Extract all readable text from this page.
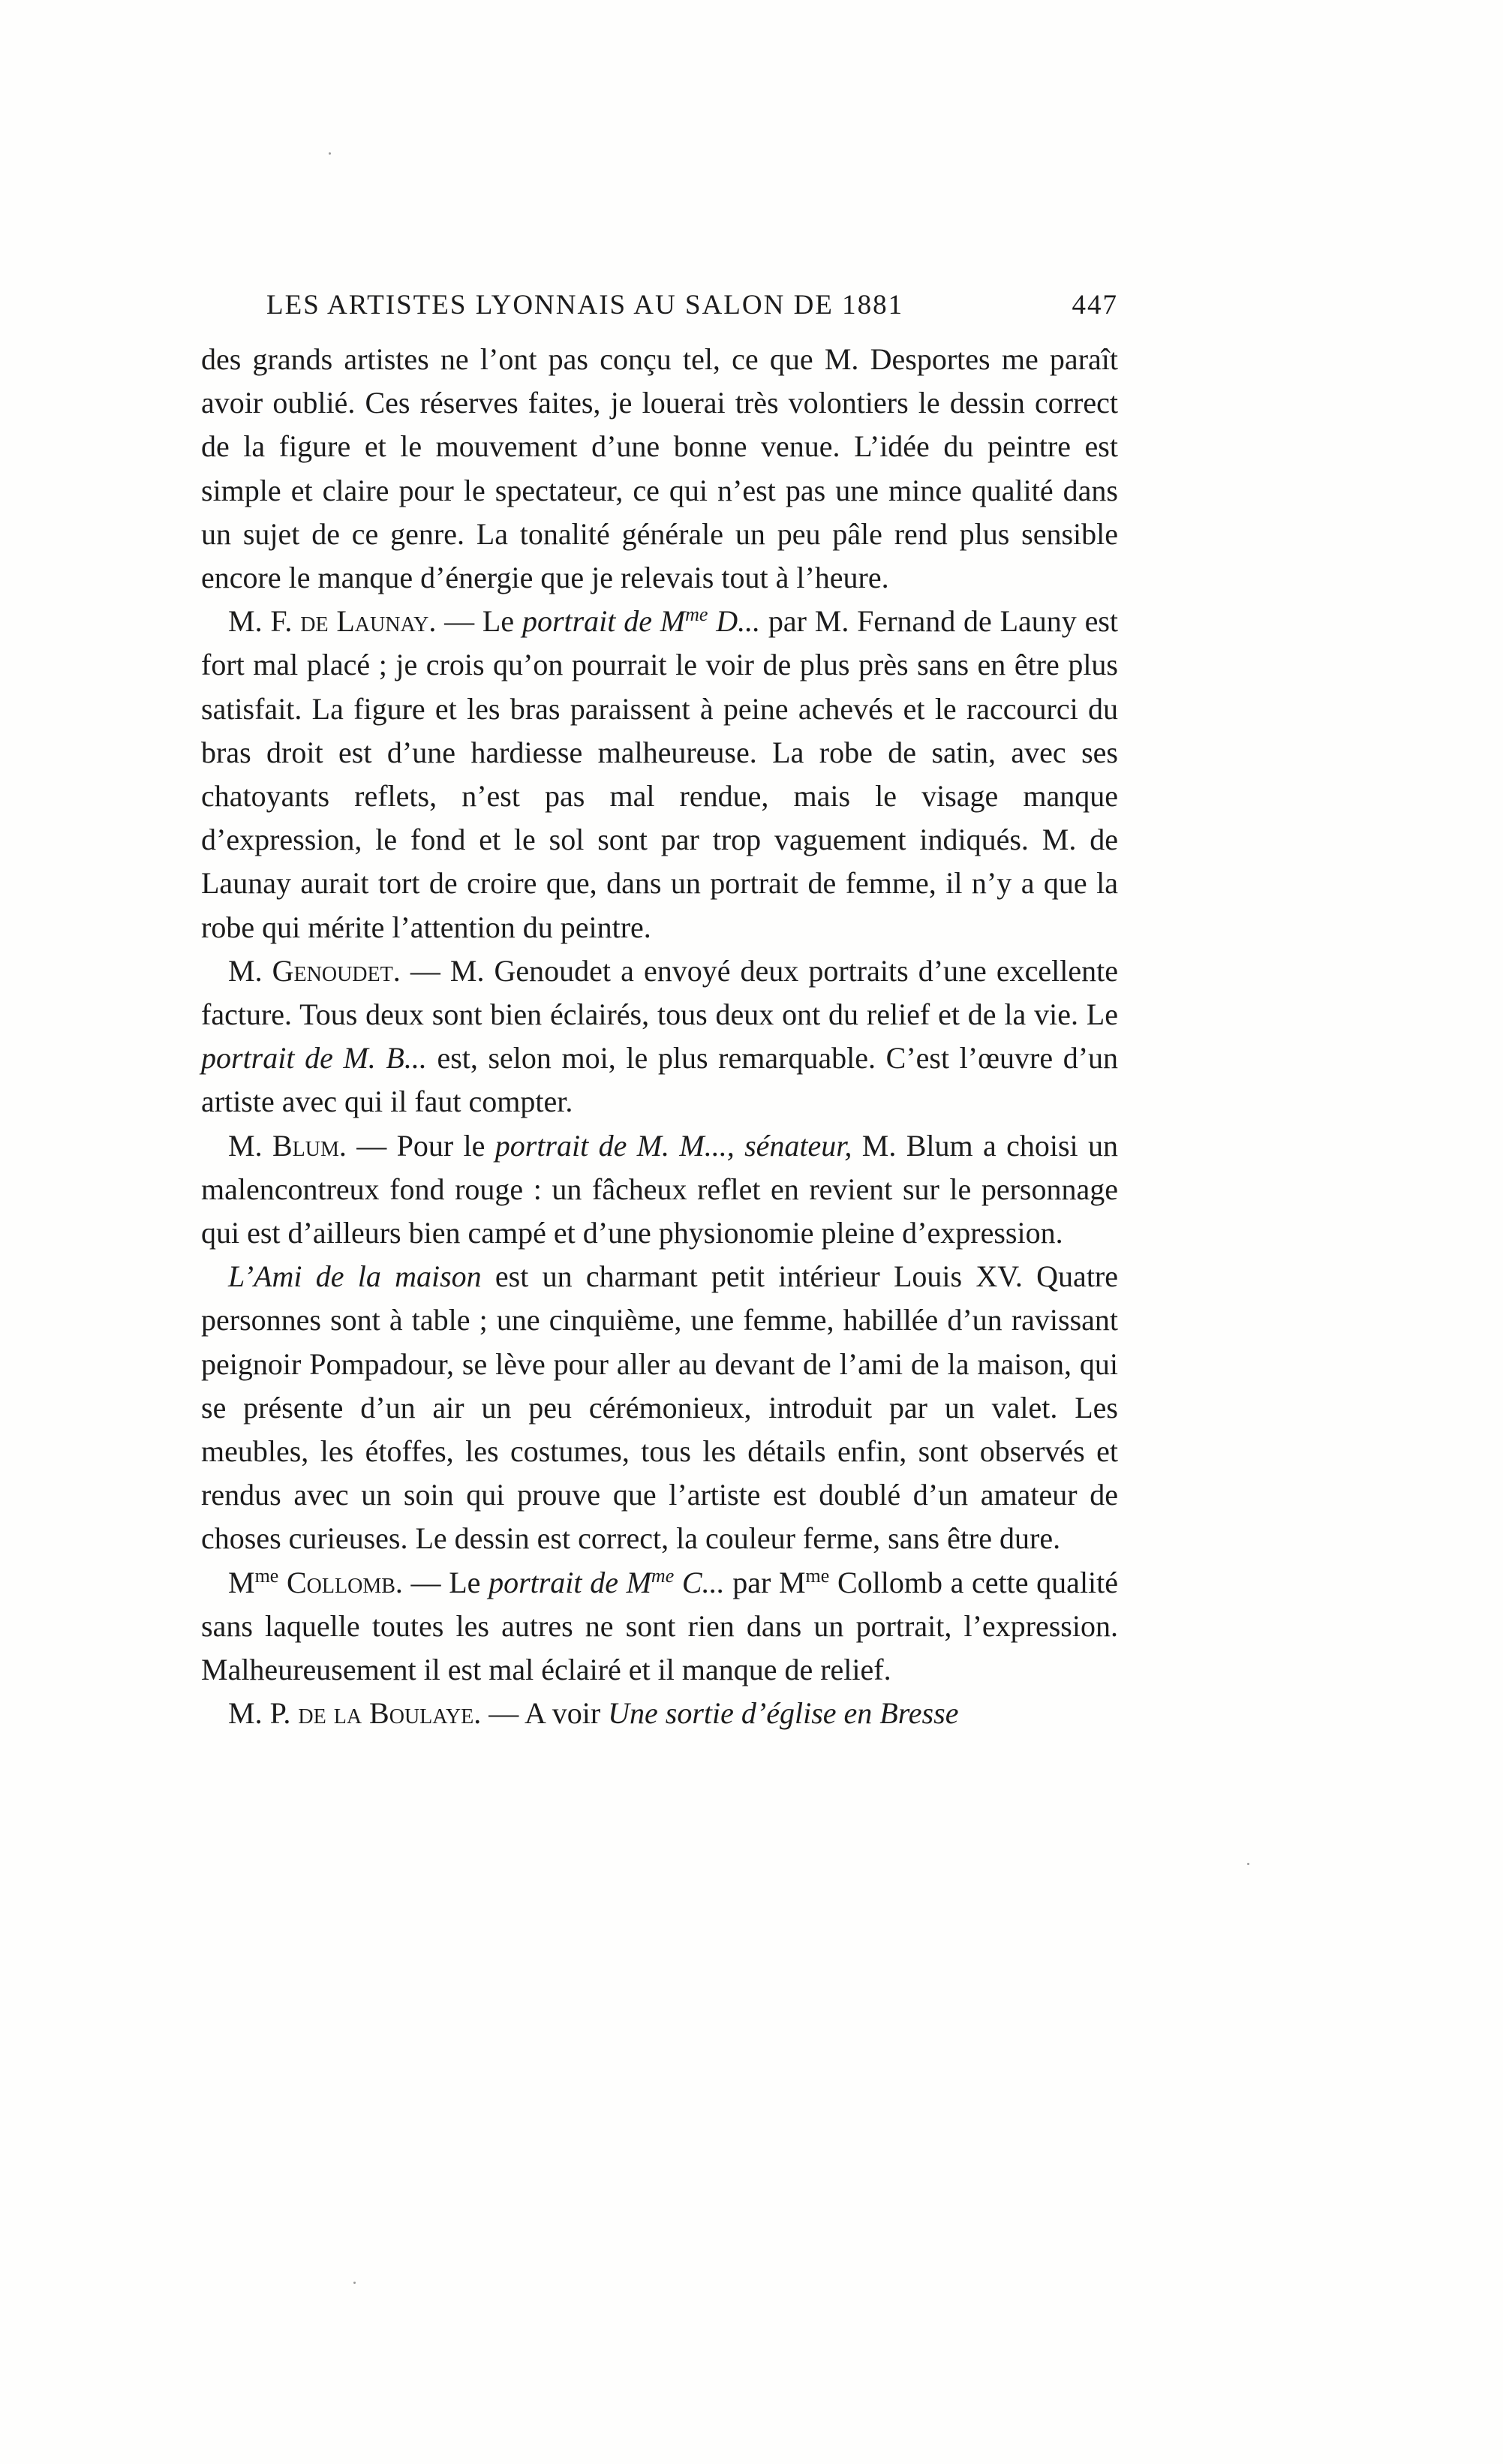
LES ARTISTES LYONNAIS AU SALON DE 1881	447

des grands artistes ne l’ont pas conçu tel, ce que M. Desportes me paraît avoir oublié. Ces réserves faites, je louerai très volontiers le dessin correct de la figure et le mouvement d’une bonne venue. L’idée du peintre est simple et claire pour le spectateur, ce qui n’est pas une mince qualité dans un sujet de ce genre. La tonalité générale un peu pâle rend plus sensible encore le manque d’énergie que je relevais tout à l’heure.

M. F. de Launay. — Le portrait de $M^{me}$ D... par M. Fernand de Launy est fort mal placé ; je crois qu’on pourrait le voir de plus près sans en être plus satisfait. La figure et les bras paraissent à peine achevés et le raccourci du bras droit est d’une hardiesse malheureuse. La robe de satin, avec ses chatoyants reflets, n’est pas mal rendue, mais le visage manque d’expression, le fond et le sol sont par trop vaguement indiqués. M. de Launay aurait tort de croire que, dans un portrait de femme, il n’y a que la robe qui mérite l’attention du peintre.

M. Genoudet. — M. Genoudet a envoyé deux portraits d’une excellente facture. Tous deux sont bien éclairés, tous deux ont du relief et de la vie. Le portrait de M. B... est, selon moi, le plus remarquable. C’est l’œuvre d’un artiste avec qui il faut compter.

M. Blum. — Pour le portrait de M. M..., sénateur, M. Blum a choisi un malencontreux fond rouge : un fâcheux reflet en revient sur le personnage qui est d’ailleurs bien campé et d’une physionomie pleine d’expression.

L’Ami de la maison est un charmant petit intérieur Louis XV. Quatre personnes sont à table ; une cinquième, une femme, habillée d’un ravissant peignoir Pompadour, se lève pour aller au devant de l’ami de la maison, qui se présente d’un air un peu cérémonieux, introduit par un valet. Les meubles, les étoffes, les costumes, tous les détails enfin, sont observés et rendus avec un soin qui prouve que l’artiste est doublé d’un amateur de choses curieuses. Le dessin est correct, la couleur ferme, sans être dure.

$M^{me}$ Collomb. — Le portrait de $M^{me}$ C... par $M^{me}$ Collomb a cette qualité sans laquelle toutes les autres ne sont rien dans un portrait, l’expression. Malheureusement il est mal éclairé et il manque de relief.

M. P. de la Boulaye. — A voir Une sortie d’église en Bresse
